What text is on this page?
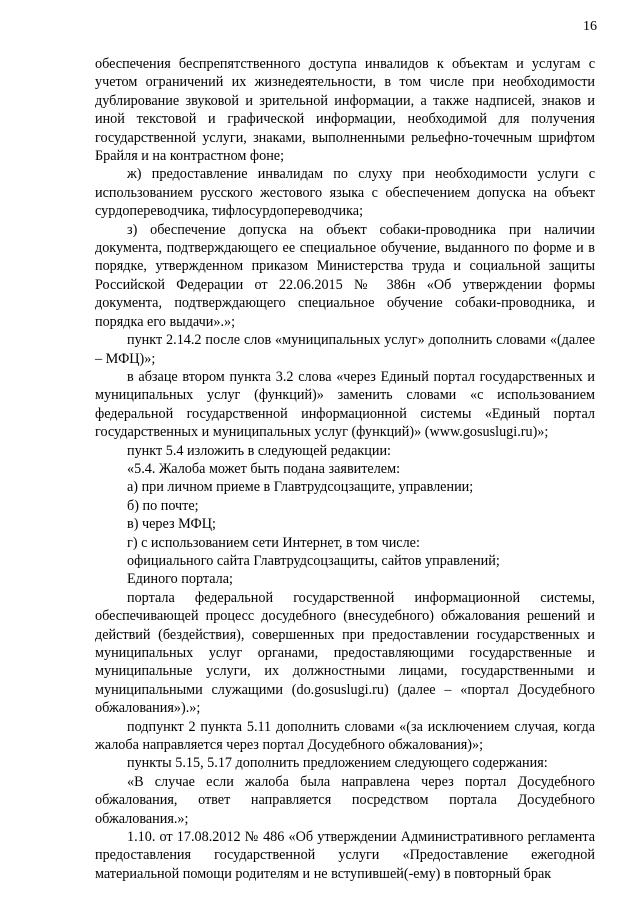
16

обеспечения беспрепятственного доступа инвалидов к объектам и услугам с учетом ограничений их жизнедеятельности, в том числе при необходимости дублирование звуковой и зрительной информации, а также надписей, знаков и иной текстовой и графической информации, необходимой для получения государственной услуги, знаками, выполненными рельефно-точечным шрифтом Брайля и на контрастном фоне;

ж) предоставление инвалидам по слуху при необходимости услуги с использованием русского жестового языка с обеспечением допуска на объект сурдопереводчика, тифлосурдопереводчика;

з) обеспечение допуска на объект собаки-проводника при наличии документа, подтверждающего ее специальное обучение, выданного по форме и в порядке, утвержденном приказом Министерства труда и социальной защиты Российской Федерации от 22.06.2015 № 386н «Об утверждении формы документа, подтверждающего специальное обучение собаки-проводника, и порядка его выдачи».»;

пункт 2.14.2 после слов «муниципальных услуг» дополнить словами «(далее – МФЦ)»;

в абзаце втором пункта 3.2 слова «через Единый портал государственных и муниципальных услуг (функций)» заменить словами «с использованием федеральной государственной информационной системы «Единый портал государственных и муниципальных услуг (функций)» (www.gosuslugi.ru)»;

пункт 5.4 изложить в следующей редакции:

«5.4. Жалоба может быть подана заявителем:

а) при личном приеме в Главтрудсоцзащите, управлении;

б) по почте;

в) через МФЦ;

г) с использованием сети Интернет, в том числе:

официального сайта Главтрудсоцзащиты, сайтов управлений;

Единого портала;

портала федеральной государственной информационной системы, обеспечивающей процесс досудебного (внесудебного) обжалования решений и действий (бездействия), совершенных при предоставлении государственных и муниципальных услуг органами, предоставляющими государственные и муниципальные услуги, их должностными лицами, государственными и муниципальными служащими (do.gosuslugi.ru) (далее – «портал Досудебного обжалования»).»;

подпункт 2 пункта 5.11 дополнить словами «(за исключением случая, когда жалоба направляется через портал Досудебного обжалования)»;

пункты 5.15, 5.17 дополнить предложением следующего содержания:

«В случае если жалоба была направлена через портал Досудебного обжалования, ответ направляется посредством портала Досудебного обжалования.»;

1.10. от 17.08.2012 № 486 «Об утверждении Административного регламента предоставления государственной услуги «Предоставление ежегодной материальной помощи родителям и не вступившей(-ему) в повторный брак
